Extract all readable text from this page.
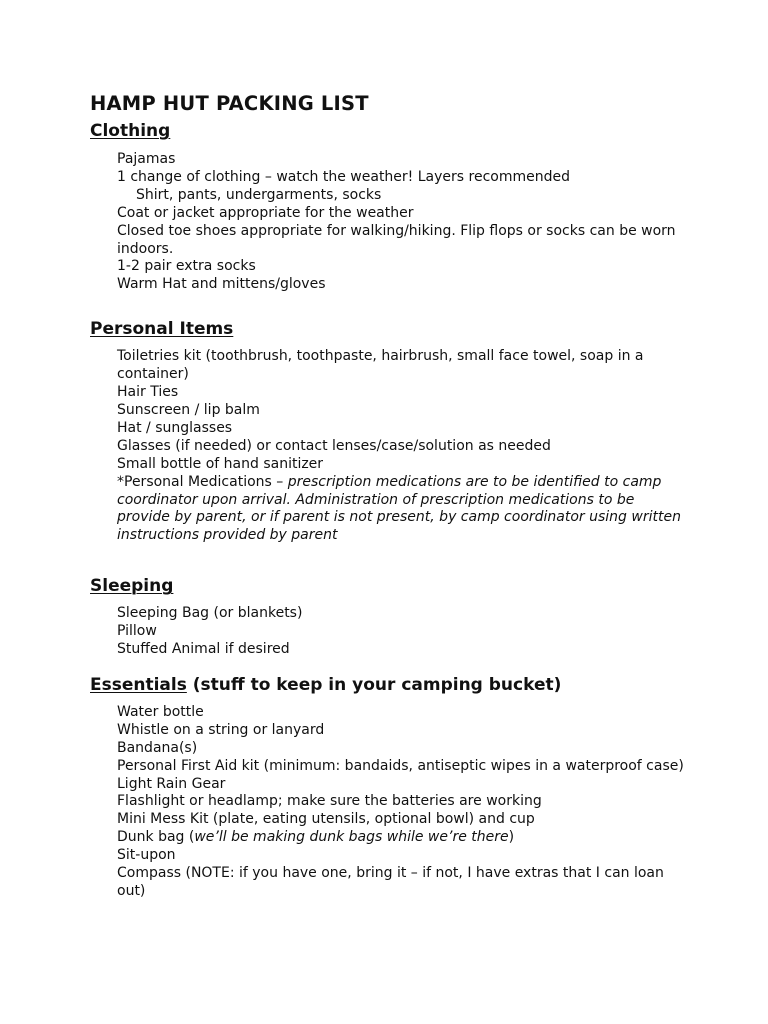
HAMP HUT PACKING LIST
Clothing
Pajamas
1 change of clothing – watch the weather! Layers recommended
Shirt, pants, undergarments, socks
Coat or jacket appropriate for the weather
Closed toe shoes appropriate for walking/hiking. Flip flops or socks can be worn indoors.
1-2 pair extra socks
Warm Hat and mittens/gloves
Personal Items
Toiletries kit (toothbrush, toothpaste, hairbrush, small face towel, soap in a container)
Hair Ties
Sunscreen / lip balm
Hat / sunglasses
Glasses (if needed) or contact lenses/case/solution as needed
Small bottle of hand sanitizer
*Personal Medications – prescription medications are to be identified to camp coordinator upon arrival. Administration of prescription medications to be provide by parent, or if parent is not present, by camp coordinator using written instructions provided by parent
Sleeping
Sleeping Bag (or blankets)
Pillow
Stuffed Animal if desired
Essentials (stuff to keep in your camping bucket)
Water bottle
Whistle on a string or lanyard
Bandana(s)
Personal First Aid kit (minimum: bandaids, antiseptic wipes in a waterproof case)
Light Rain Gear
Flashlight or headlamp; make sure the batteries are working
Mini Mess Kit (plate, eating utensils, optional bowl) and cup
Dunk bag (we’ll be making dunk bags while we’re there)
Sit-upon
Compass (NOTE: if you have one, bring it – if not, I have extras that I can loan out)
